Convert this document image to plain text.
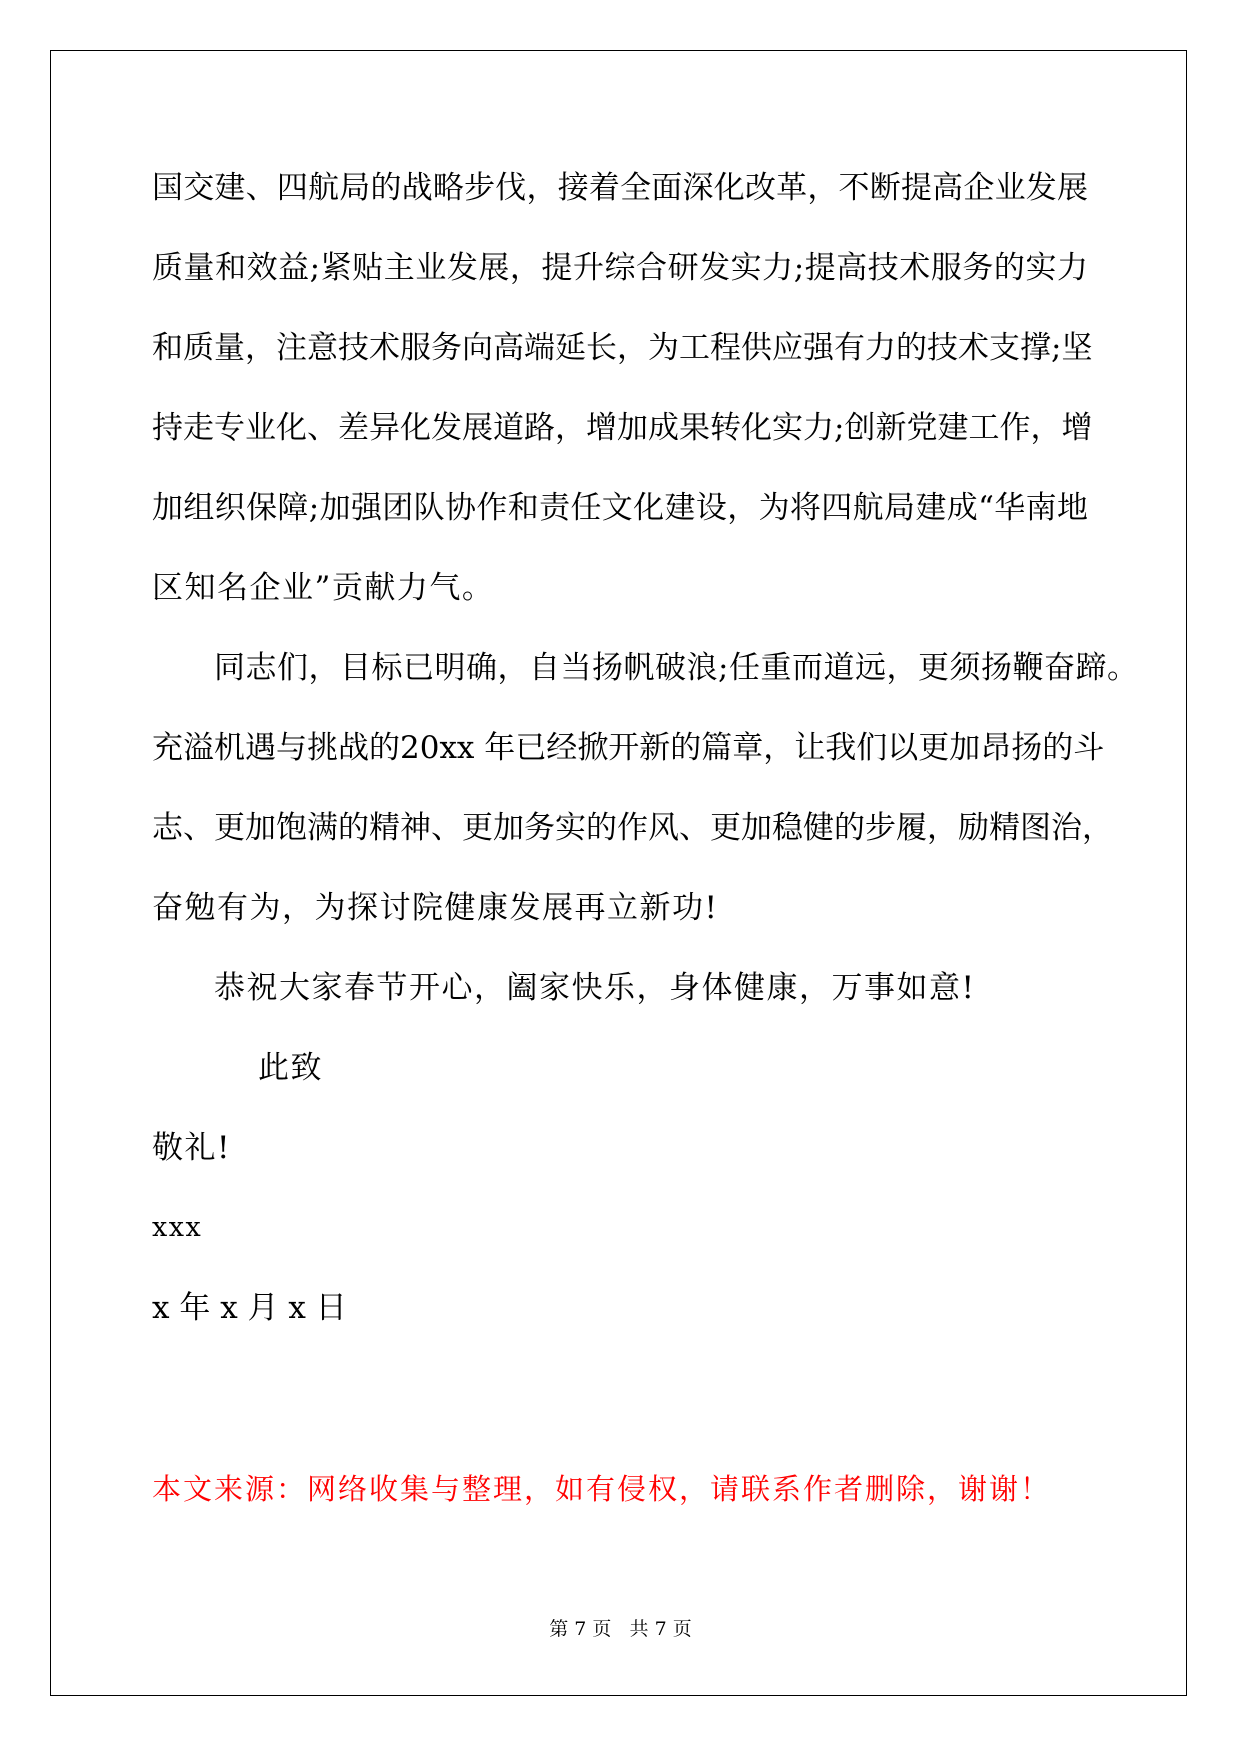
国交建、四航局的战略步伐，接着全面深化改革，不断提高企业发展
质量和效益;紧贴主业发展，提升综合研发实力;提高技术服务的实力
和质量，注意技术服务向高端延长，为工程供应强有力的技术支撑;坚
持走专业化、差异化发展道路，增加成果转化实力;创新党建工作，增
加组织保障;加强团队协作和责任文化建设，为将四航局建成“华南地
区知名企业”贡献力气。
同志们，目标已明确，自当扬帆破浪;任重而道远，更须扬鞭奋蹄。
充溢机遇与挑战的20xx 年已经掀开新的篇章，让我们以更加昂扬的斗
志、更加饱满的精神、更加务实的作风、更加稳健的步履，励精图治，
奋勉有为，为探讨院健康发展再立新功!
恭祝大家春节开心，阖家快乐，身体健康，万事如意!
此致
敬礼!
xxx
x 年 x 月 x 日
本文来源：网络收集与整理，如有侵权，请联系作者删除，谢谢！
第 7 页   共 7 页
